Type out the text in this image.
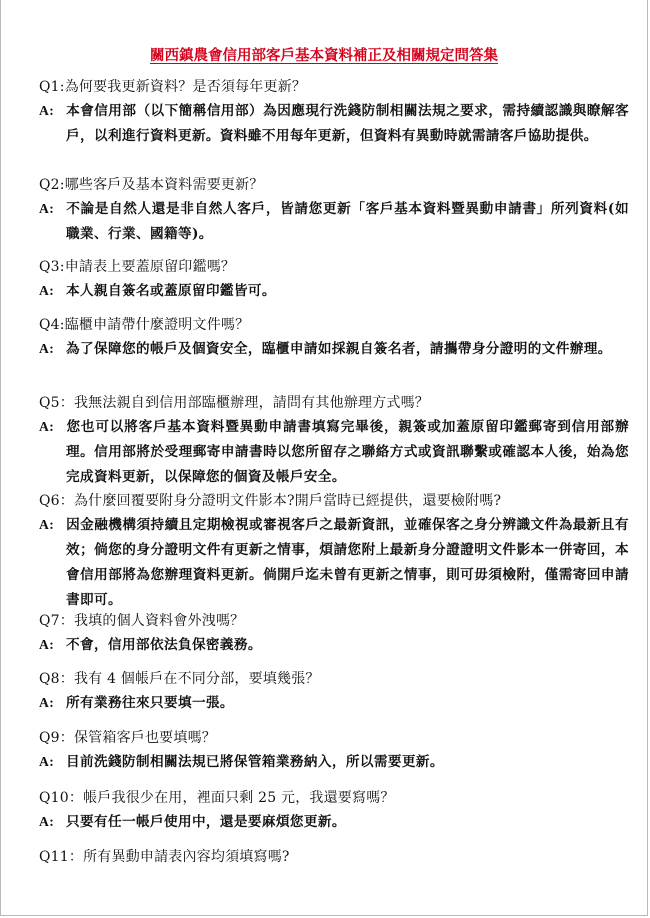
關西鎮農會信用部客戶基本資料補正及相關規定問答集
Q1:為何要我更新資料？是否須每年更新？
A: 本會信用部（以下簡稱信用部）為因應現行洗錢防制相關法規之要求，需持續認識與瞭解客戶，以利進行資料更新。資料雖不用每年更新，但資料有異動時就需請客戶協助提供。
Q2:哪些客戶及基本資料需要更新？
A: 不論是自然人還是非自然人客戶，皆請您更新「客戶基本資料暨異動申請書」所列資料(如職業、行業、國籍等)。
Q3:申請表上要蓋原留印鑑嗎？
A: 本人親自簽名或蓋原留印鑑皆可。
Q4:臨櫃申請帶什麼證明文件嗎？
A: 為了保障您的帳戶及個資安全，臨櫃申請如採親自簽名者，請攜帶身分證明的文件辦理。
Q5：我無法親自到信用部臨櫃辦理，請問有其他辦理方式嗎？
A: 您也可以將客戶基本資料暨異動申請書填寫完畢後，親簽或加蓋原留印鑑郵寄到信用部辦理。信用部將於受理郵寄申請書時以您所留存之聯絡方式或資訊聯繫或確認本人後，始為您完成資料更新，以保障您的個資及帳戶安全。
Q6：為什麼回覆要附身分證明文件影本?開戶當時已經提供，還要檢附嗎?
A: 因金融機構須持續且定期檢視或審視客戶之最新資訊，並確保客之身分辨識文件為最新且有效；倘您的身分證明文件有更新之情事，煩請您附上最新身分證證明文件影本一併寄回，本會信用部將為您辦理資料更新。倘開戶迄未曾有更新之情事，則可毋須檢附，僅需寄回申請書即可。
Q7：我填的個人資料會外洩嗎？
A: 不會，信用部依法負保密義務。
Q8：我有 4 個帳戶在不同分部，要填幾張？
A: 所有業務往來只要填一張。
Q9：保管箱客戶也要填嗎？
A: 目前洗錢防制相關法規已將保管箱業務納入，所以需要更新。
Q10：帳戶我很少在用，裡面只剩 25 元，我還要寫嗎？
A: 只要有任一帳戶使用中，還是要麻煩您更新。
Q11：所有異動申請表內容均須填寫嗎?
